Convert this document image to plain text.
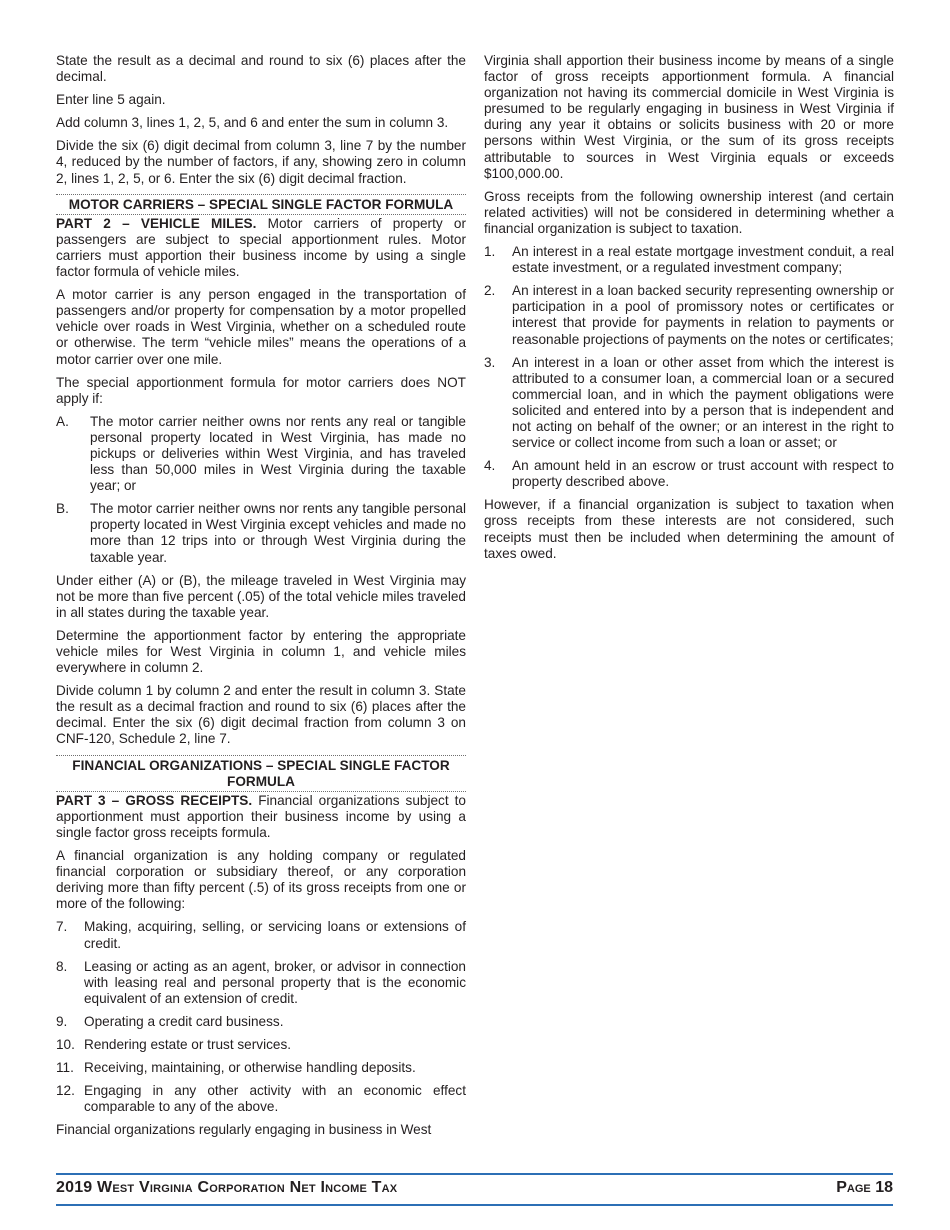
State the result as a decimal and round to six (6) places after the decimal.

Enter line 5 again.

Add column 3, lines 1, 2, 5, and 6 and enter the sum in column 3.

Divide the six (6) digit decimal from column 3, line 7 by the number 4, reduced by the number of factors, if any, showing zero in column 2, lines 1, 2, 5, or 6. Enter the six (6) digit decimal fraction.

MOTOR CARRIERS – SPECIAL SINGLE FACTOR FORMULA

PART 2 – VEHICLE MILES. Motor carriers of property or passengers are subject to special apportionment rules. Motor carriers must apportion their business income by using a single factor formula of vehicle miles.

A motor carrier is any person engaged in the transportation of passengers and/or property for compensation by a motor propelled vehicle over roads in West Virginia, whether on a scheduled route or otherwise. The term “vehicle miles” means the operations of a motor carrier over one mile.

The special apportionment formula for motor carriers does NOT apply if:

A.	The motor carrier neither owns nor rents any real or tangible personal property located in West Virginia, has made no pickups or deliveries within West Virginia, and has traveled less than 50,000 miles in West Virginia during the taxable year; or
B.	The motor carrier neither owns nor rents any tangible personal property located in West Virginia except vehicles and made no more than 12 trips into or through West Virginia during the taxable year.

Under either (A) or (B), the mileage traveled in West Virginia may not be more than five percent (.05) of the total vehicle miles traveled in all states during the taxable year.

Determine the apportionment factor by entering the appropriate vehicle miles for West Virginia in column 1, and vehicle miles everywhere in column 2.

Divide column 1 by column 2 and enter the result in column 3. State the result as a decimal fraction and round to six (6) places after the decimal. Enter the six (6) digit decimal fraction from column 3 on CNF-120, Schedule 2, line 7.

FINANCIAL ORGANIZATIONS – SPECIAL SINGLE FACTOR FORMULA

PART 3 – GROSS RECEIPTS. Financial organizations subject to apportionment must apportion their business income by using a single factor gross receipts formula.

A financial organization is any holding company or regulated financial corporation or subsidiary thereof, or any corporation deriving more than fifty percent (.5) of its gross receipts from one or more of the following:

7.	Making, acquiring, selling, or servicing loans or extensions of credit.
8.	Leasing or acting as an agent, broker, or advisor in connection with leasing real and personal property that is the economic equivalent of an extension of credit.
9.	Operating a credit card business.
10. Rendering estate or trust services.
11. Receiving, maintaining, or otherwise handling deposits.
12. Engaging in any other activity with an economic effect comparable to any of the above.

Financial organizations regularly engaging in business in West

Virginia shall apportion their business income by means of a single factor of gross receipts apportionment formula. A financial organization not having its commercial domicile in West Virginia is presumed to be regularly engaging in business in West Virginia if during any year it obtains or solicits business with 20 or more persons within West Virginia, or the sum of its gross receipts attributable to sources in West Virginia equals or exceeds $100,000.00.

Gross receipts from the following ownership interest (and certain related activities) will not be considered in determining whether a financial organization is subject to taxation.

1.	An interest in a real estate mortgage investment conduit, a real estate investment, or a regulated investment company;
2.	An interest in a loan backed security representing ownership or participation in a pool of promissory notes or certificates or interest that provide for payments in relation to payments or reasonable projections of payments on the notes or certificates;
3.	An interest in a loan or other asset from which the interest is attributed to a consumer loan, a commercial loan or a secured commercial loan, and in which the payment obligations were solicited and entered into by a person that is independent and not acting on behalf of the owner; or an interest in the right to service or collect income from such a loan or asset; or
4.	An amount held in an escrow or trust account with respect to property described above.

However, if a financial organization is subject to taxation when gross receipts from these interests are not considered, such receipts must then be included when determining the amount of taxes owed.

2019 West Virginia Corporation Net Income Tax	Page 18
